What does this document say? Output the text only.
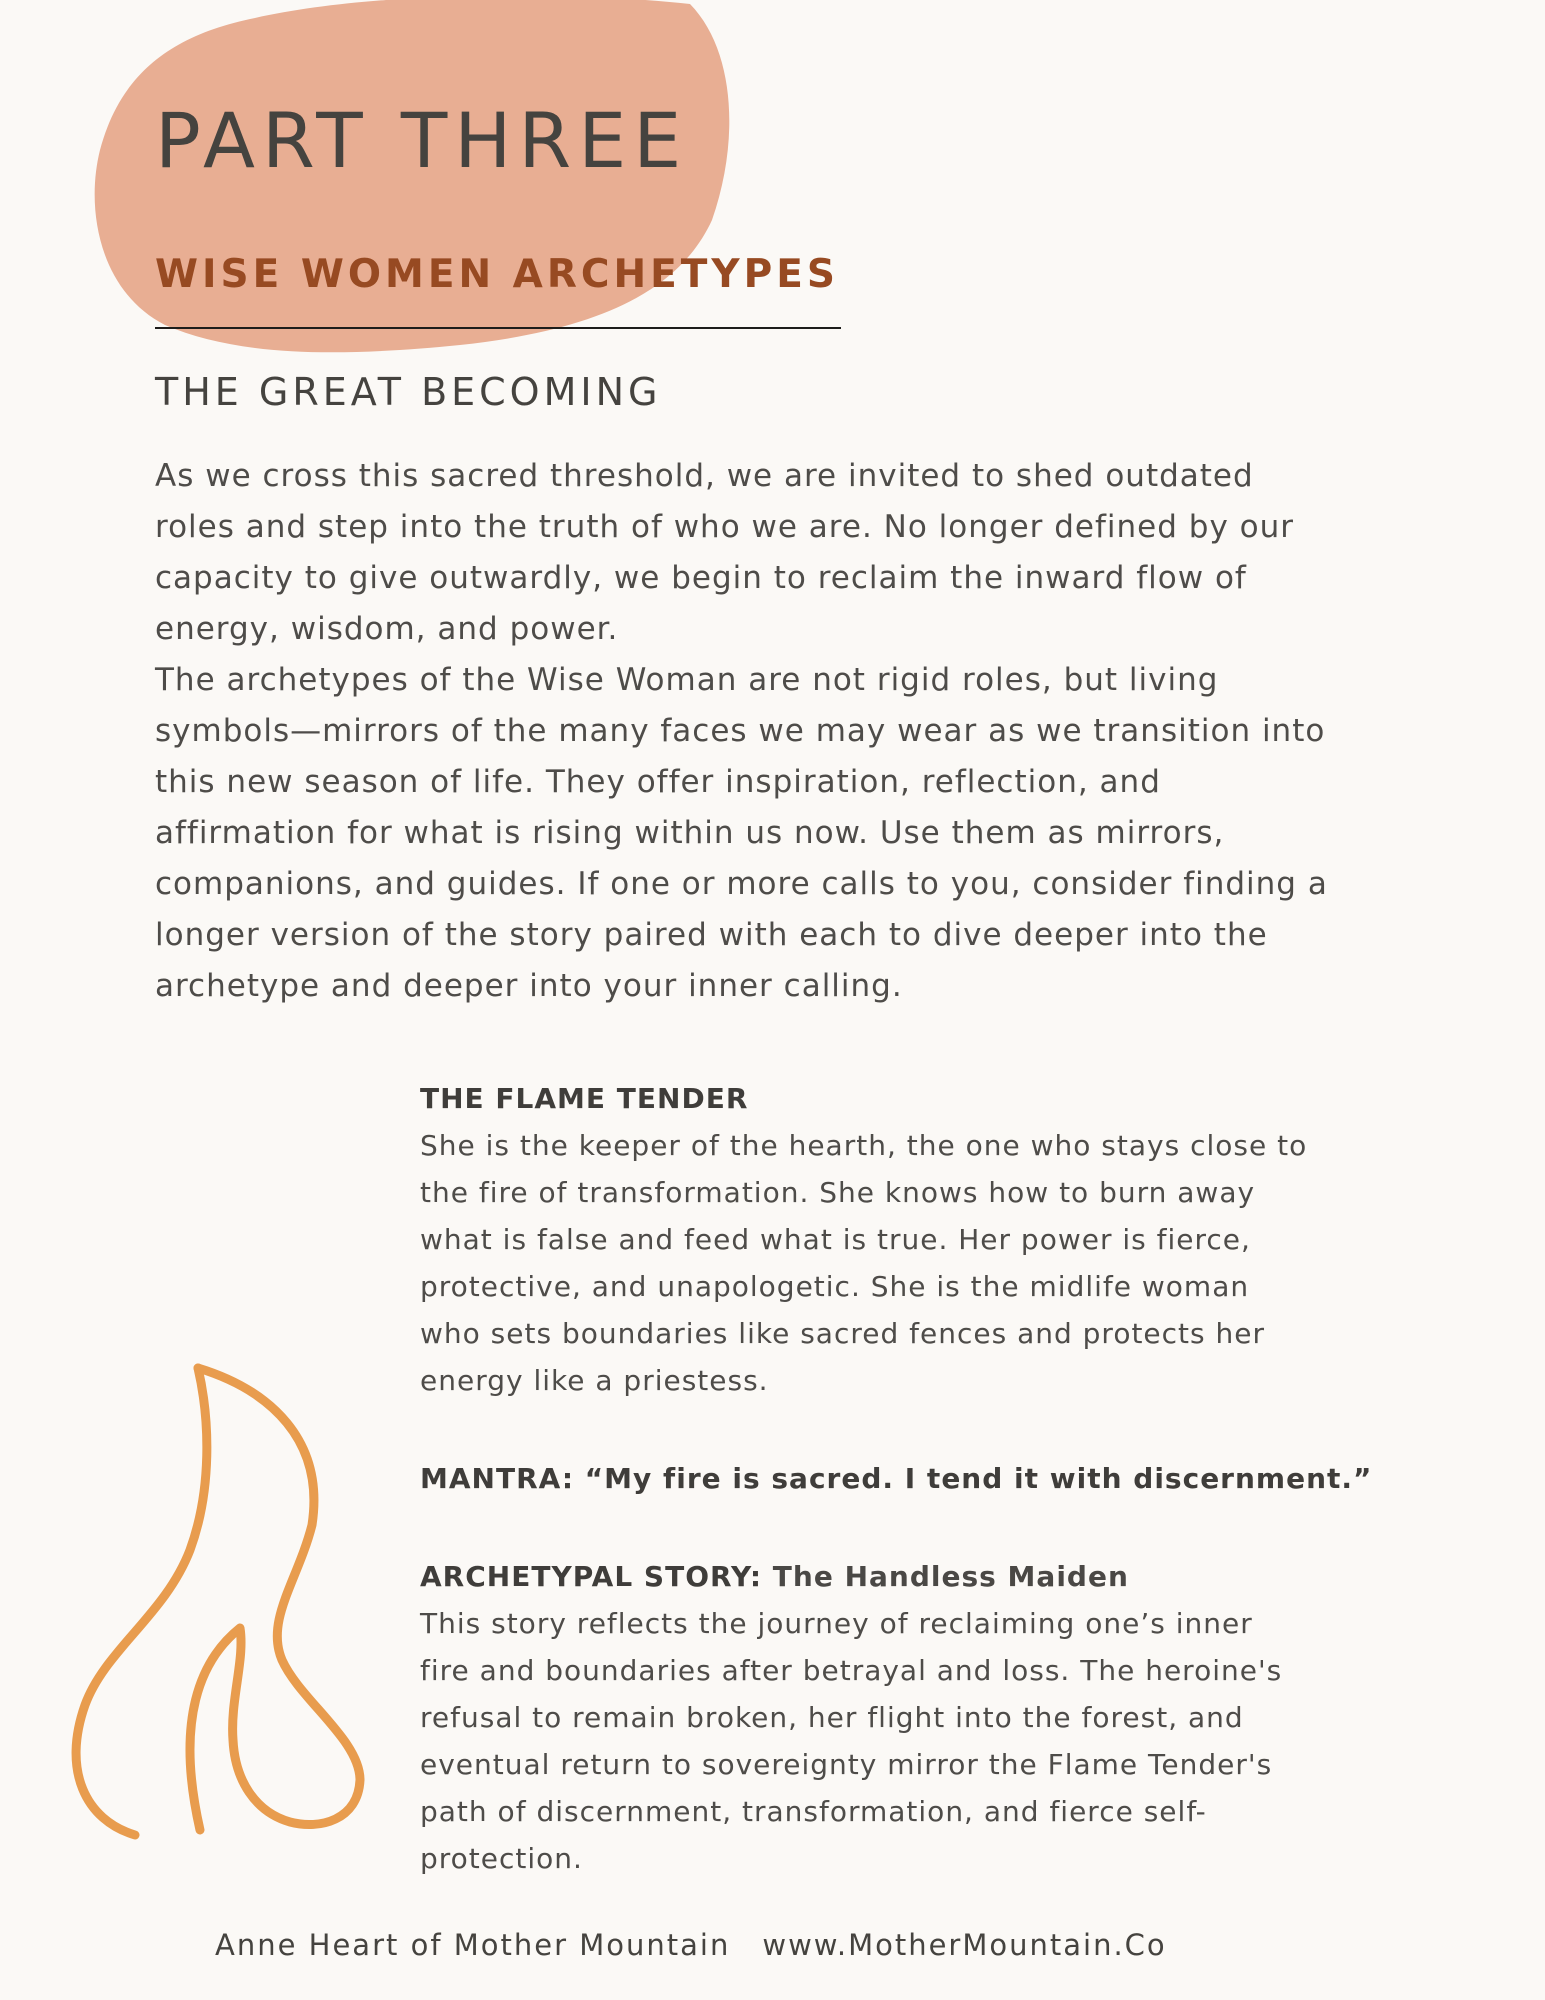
PART THREE
WISE WOMEN ARCHETYPES
THE GREAT BECOMING
As we cross this sacred threshold, we are invited to shed outdated
roles and step into the truth of who we are. No longer defined by our
capacity to give outwardly, we begin to reclaim the inward flow of
energy, wisdom, and power.
The archetypes of the Wise Woman are not rigid roles, but living
symbols—mirrors of the many faces we may wear as we transition into
this new season of life. They offer inspiration, reflection, and
affirmation for what is rising within us now. Use them as mirrors,
companions, and guides. If one or more calls to you, consider finding a
longer version of the story paired with each to dive deeper into the
archetype and deeper into your inner calling.
THE FLAME TENDER
She is the keeper of the hearth, the one who stays close to
the fire of transformation. She knows how to burn away
what is false and feed what is true. Her power is fierce,
protective, and unapologetic. She is the midlife woman
who sets boundaries like sacred fences and protects her
energy like a priestess.
MANTRA: “My fire is sacred. I tend it with discernment.”
ARCHETYPAL STORY: The Handless Maiden
This story reflects the journey of reclaiming one’s inner
fire and boundaries after betrayal and loss. The heroine's
refusal to remain broken, her flight into the forest, and
eventual return to sovereignty mirror the Flame Tender's
path of discernment, transformation, and fierce self-
protection.

Anne Heart of Mother Mountain www.MotherMountain.Co
